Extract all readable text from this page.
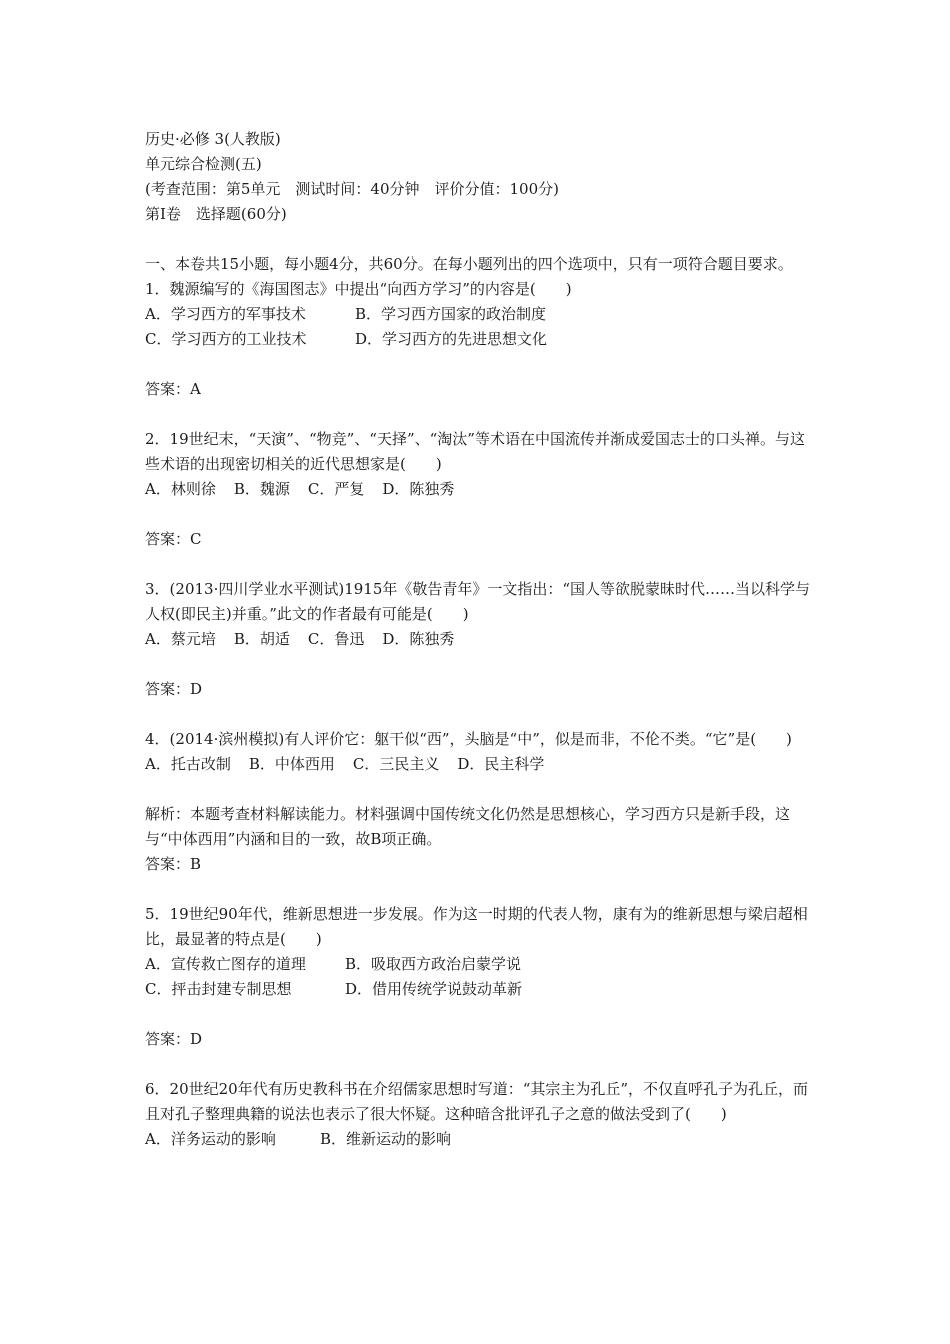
历史·必修 3(人教版)
单元综合检测(五)
(考查范围：第5单元　测试时间：40分钟　评价分值：100分)
第Ⅰ卷　选择题(60分)
一、本卷共15小题，每小题4分，共60分。在每小题列出的四个选项中，只有一项符合题目要求。
1．魏源编写的《海国图志》中提出“向西方学习”的内容是(　　)
A．学习西方的军事技术	B．学习西方国家的政治制度
C．学习西方的工业技术	D．学习西方的先进思想文化
答案：A
2．19世纪末，“天演”、“物竞”、“天择”、“淘汰”等术语在中国流传并渐成爱国志士的口头禅。与这些术语的出现密切相关的近代思想家是(　　)
A．林则徐 B．魏源 C．严复 D．陈独秀
答案：C
3．(2013·四川学业水平测试)1915年《敬告青年》一文指出：“国人等欲脱蒙昧时代……当以科学与人权(即民主)并重。”此文的作者最有可能是(　　)
A．蔡元培 B．胡适 C．鲁迅 D．陈独秀
答案：D
4．(2014·滨州模拟)有人评价它：躯干似“西”，头脑是“中”，似是而非，不伦不类。“它”是(　　)
A．托古改制 B．中体西用 C．三民主义 D．民主科学
解析：本题考查材料解读能力。材料强调中国传统文化仍然是思想核心，学习西方只是新手段，这与“中体西用”内涵和目的一致，故B项正确。
答案：B
5．19世纪90年代，维新思想进一步发展。作为这一时期的代表人物，康有为的维新思想与梁启超相比，最显著的特点是(　　)
A．宣传救亡图存的道理	B．吸取西方政治启蒙学说
C．抨击封建专制思想	D．借用传统学说鼓动革新
答案：D
6．20世纪20年代有历史教科书在介绍儒家思想时写道：“其宗主为孔丘”，不仅直呼孔子为孔丘，而且对孔子整理典籍的说法也表示了很大怀疑。这种暗含批评孔子之意的做法受到了(　　)
A．洋务运动的影响	B．维新运动的影响
